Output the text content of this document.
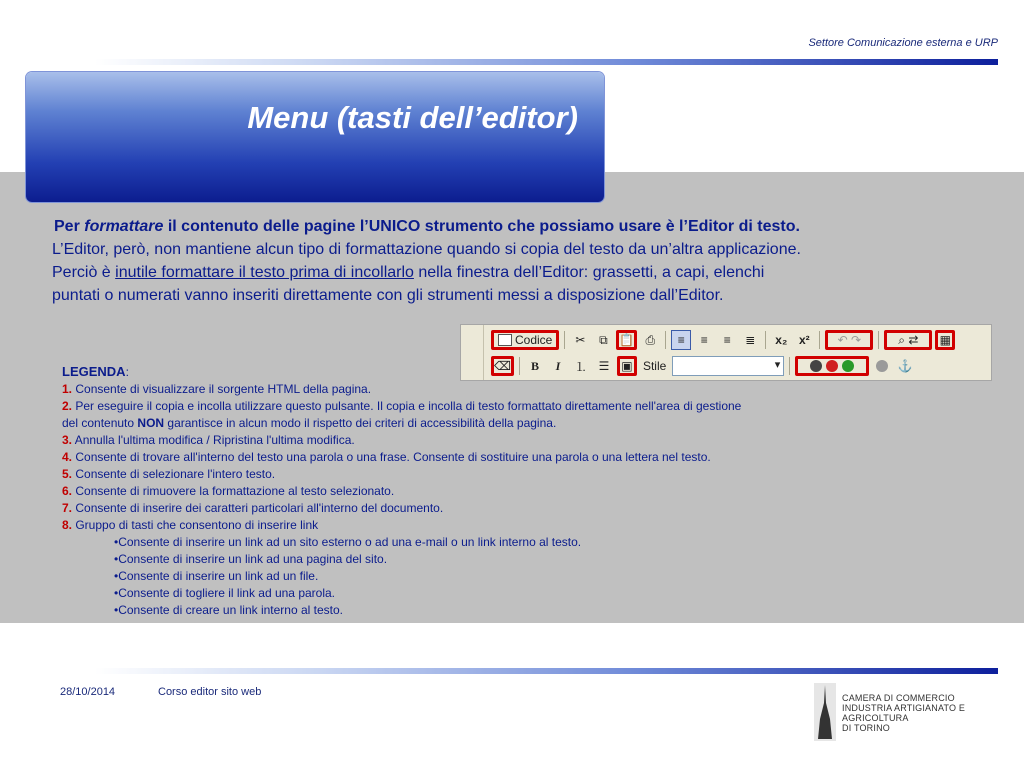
Settore Comunicazione esterna e URP
Menu (tasti dell’editor)
Per formattare il contenuto delle pagine l’UNICO strumento che possiamo usare è l’Editor di testo.
L’Editor, però, non mantiene alcun tipo di formattazione quando si copia del testo da un’altra applicazione.
Perciò è inutile formattare il testo prima di incollarlo nella finestra dell’Editor: grassetti, a capi, elenchi
puntati o numerati vanno inseriti direttamente con gli strumenti messi a disposizione dall’Editor.
Codice ✂ ⧉ 📋 ⎙ ≡ ≡ ≡ ≣ x₂ x² ↶
↷	⌕
⇄ ▦
⌫ B I ⒈ ☰ ▣ Stile
▾	⚓
LEGENDA:
1. Consente di visualizzare il sorgente HTML della pagina.
2. Per eseguire il copia e incolla utilizzare questo pulsante. Il copia e incolla di testo formattato direttamente nell'area di gestione
del contenuto NON garantisce in alcun modo il rispetto dei criteri di accessibilità della pagina.
3. Annulla l'ultima modifica / Ripristina l'ultima modifica.
4. Consente di trovare all'interno del testo una parola o una frase. Consente di sostituire una parola o una lettera nel testo.
5. Consente di selezionare l'intero testo.
6. Consente di rimuovere la formattazione al testo selezionato.
7. Consente di inserire dei caratteri particolari all'interno del documento.
8. Gruppo di tasti che consentono di inserire link
•Consente di inserire un link ad un sito esterno o ad una e-mail o un link interno al testo.
•Consente di inserire un link ad una pagina del sito.
•Consente di inserire un link ad un file.
•Consente di togliere il link ad una parola.
•Consente di creare un link interno al testo.
28/10/2014	Corso editor sito web	CAMERA DI COMMERCIO
INDUSTRIA ARTIGIANATO E AGRICOLTURA
DI TORINO
